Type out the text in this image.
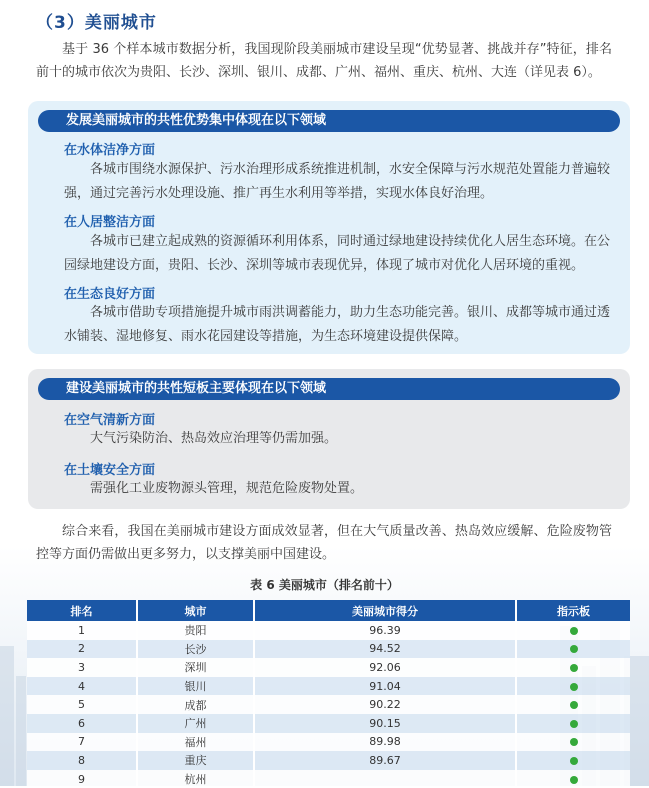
（3）美丽城市
基于 36 个样本城市数据分析，我国现阶段美丽城市建设呈现“优势显著、挑战并存”特征，排名前十的城市依次为贵阳、长沙、深圳、银川、成都、广州、福州、重庆、杭州、大连（详见表 6）。
发展美丽城市的共性优势集中体现在以下领域
在水体洁净方面
各城市围绕水源保护、污水治理形成系统推进机制，水安全保障与污水规范处置能力普遍较强，通过完善污水处理设施、推广再生水利用等举措，实现水体良好治理。
在人居整洁方面
各城市已建立起成熟的资源循环利用体系，同时通过绿地建设持续优化人居生态环境。在公园绿地建设方面，贵阳、长沙、深圳等城市表现优异，体现了城市对优化人居环境的重视。
在生态良好方面
各城市借助专项措施提升城市雨洪调蓄能力，助力生态功能完善。银川、成都等城市通过透水铺装、湿地修复、雨水花园建设等措施，为生态环境建设提供保障。
建设美丽城市的共性短板主要体现在以下领域
在空气清新方面
大气污染防治、热岛效应治理等仍需加强。
在土壤安全方面
需强化工业废物源头管理，规范危险废物处置。
综合来看，我国在美丽城市建设方面成效显著，但在大气质量改善、热岛效应缓解、危险废物管控等方面仍需做出更多努力，以支撑美丽中国建设。
表 6 美丽城市（排名前十）
排名	城市	美丽城市得分	指示板
1	贵阳	96.39	
2	长沙	94.52	
3	深圳	92.06	
4	银川	91.04	
5	成都	90.22	
6	广州	90.15	
7	福州	89.98	
8	重庆	89.67	
9	杭州		
